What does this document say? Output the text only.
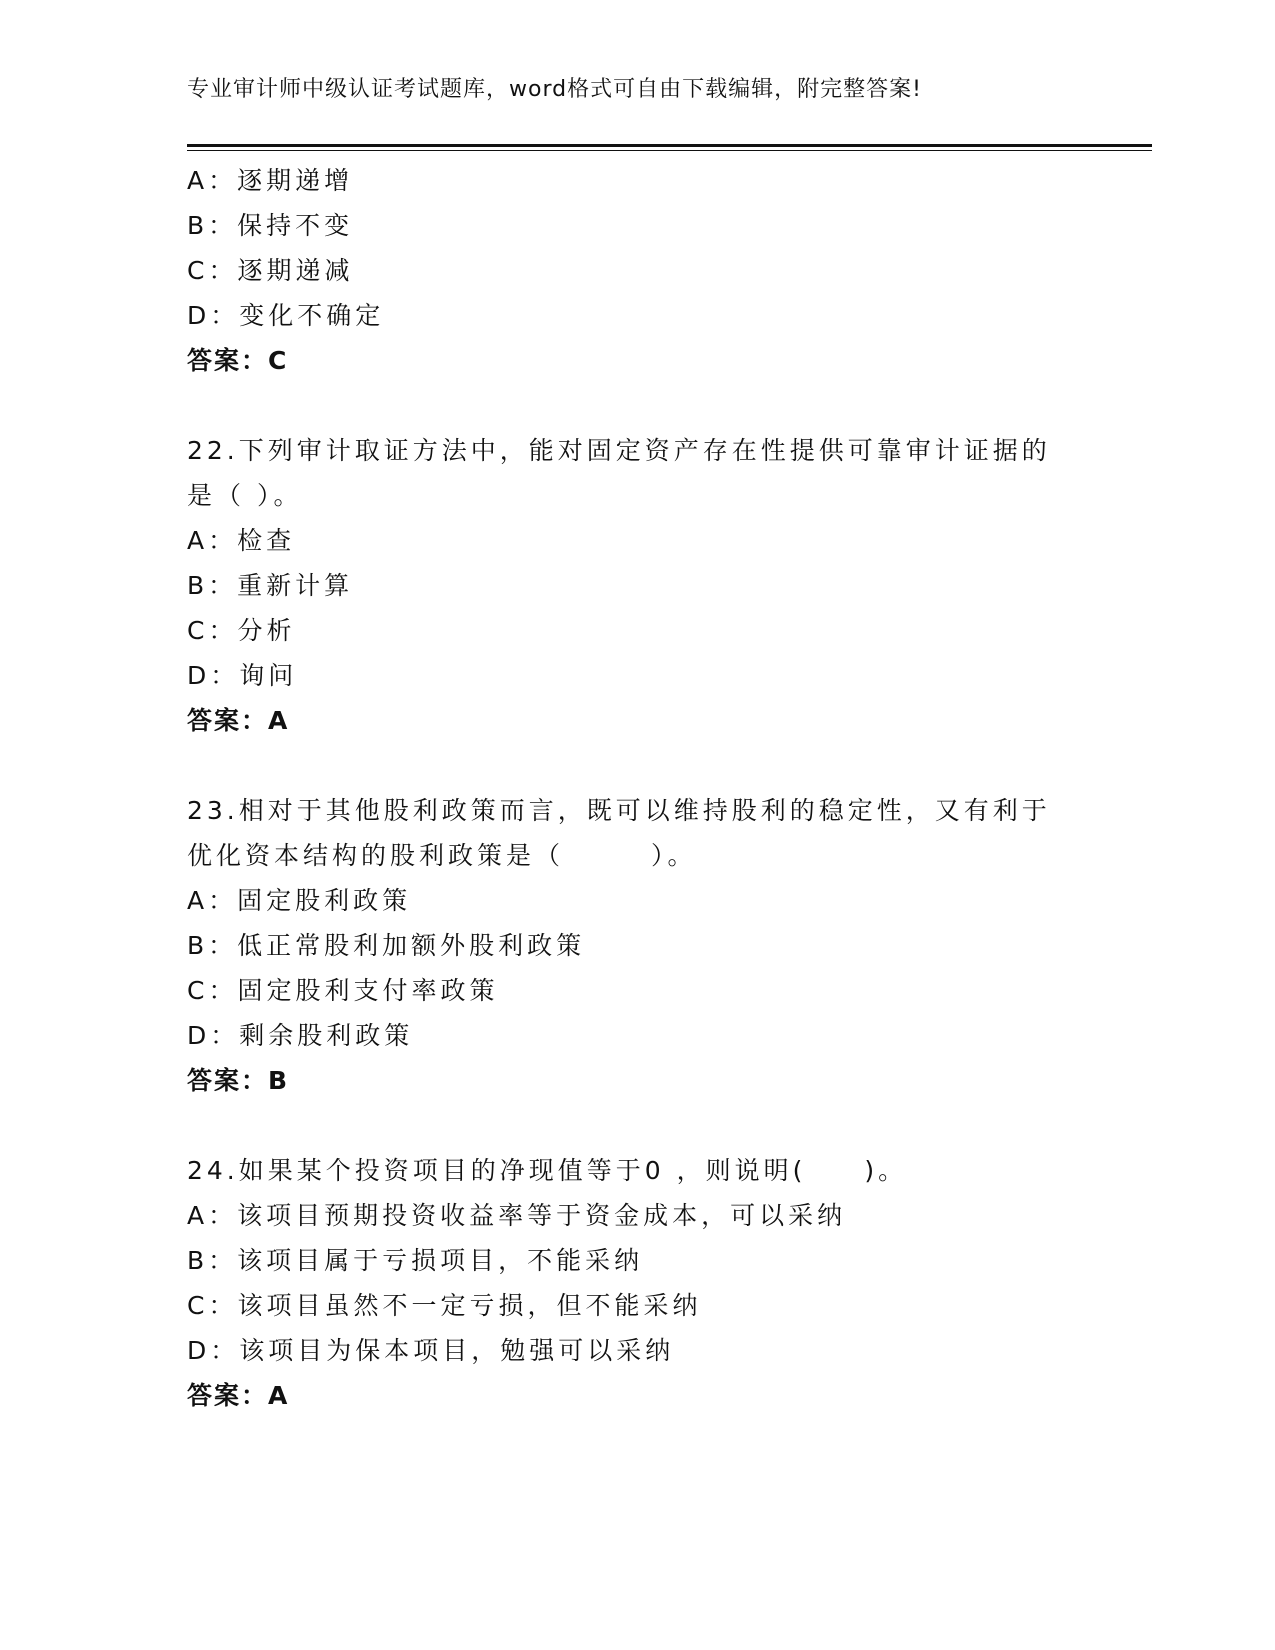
专业审计师中级认证考试题库，word格式可自由下载编辑，附完整答案!
A：逐期递增
B：保持不变
C：逐期递减
D：变化不确定
答案：C
22.下列审计取证方法中，能对固定资产存在性提供可靠审计证据的是（ ）。
A：检查
B：重新计算
C：分析
D：询问
答案：A
23.相对于其他股利政策而言，既可以维持股利的稳定性，又有利于优化资本结构的股利政策是（　　　）。
A：固定股利政策
B：低正常股利加额外股利政策
C：固定股利支付率政策
D：剩余股利政策
答案：B
24.如果某个投资项目的净现值等于0 ，则说明(　　)。
A：该项目预期投资收益率等于资金成本，可以采纳
B：该项目属于亏损项目，不能采纳
C：该项目虽然不一定亏损，但不能采纳
D：该项目为保本项目，勉强可以采纳
答案：A
